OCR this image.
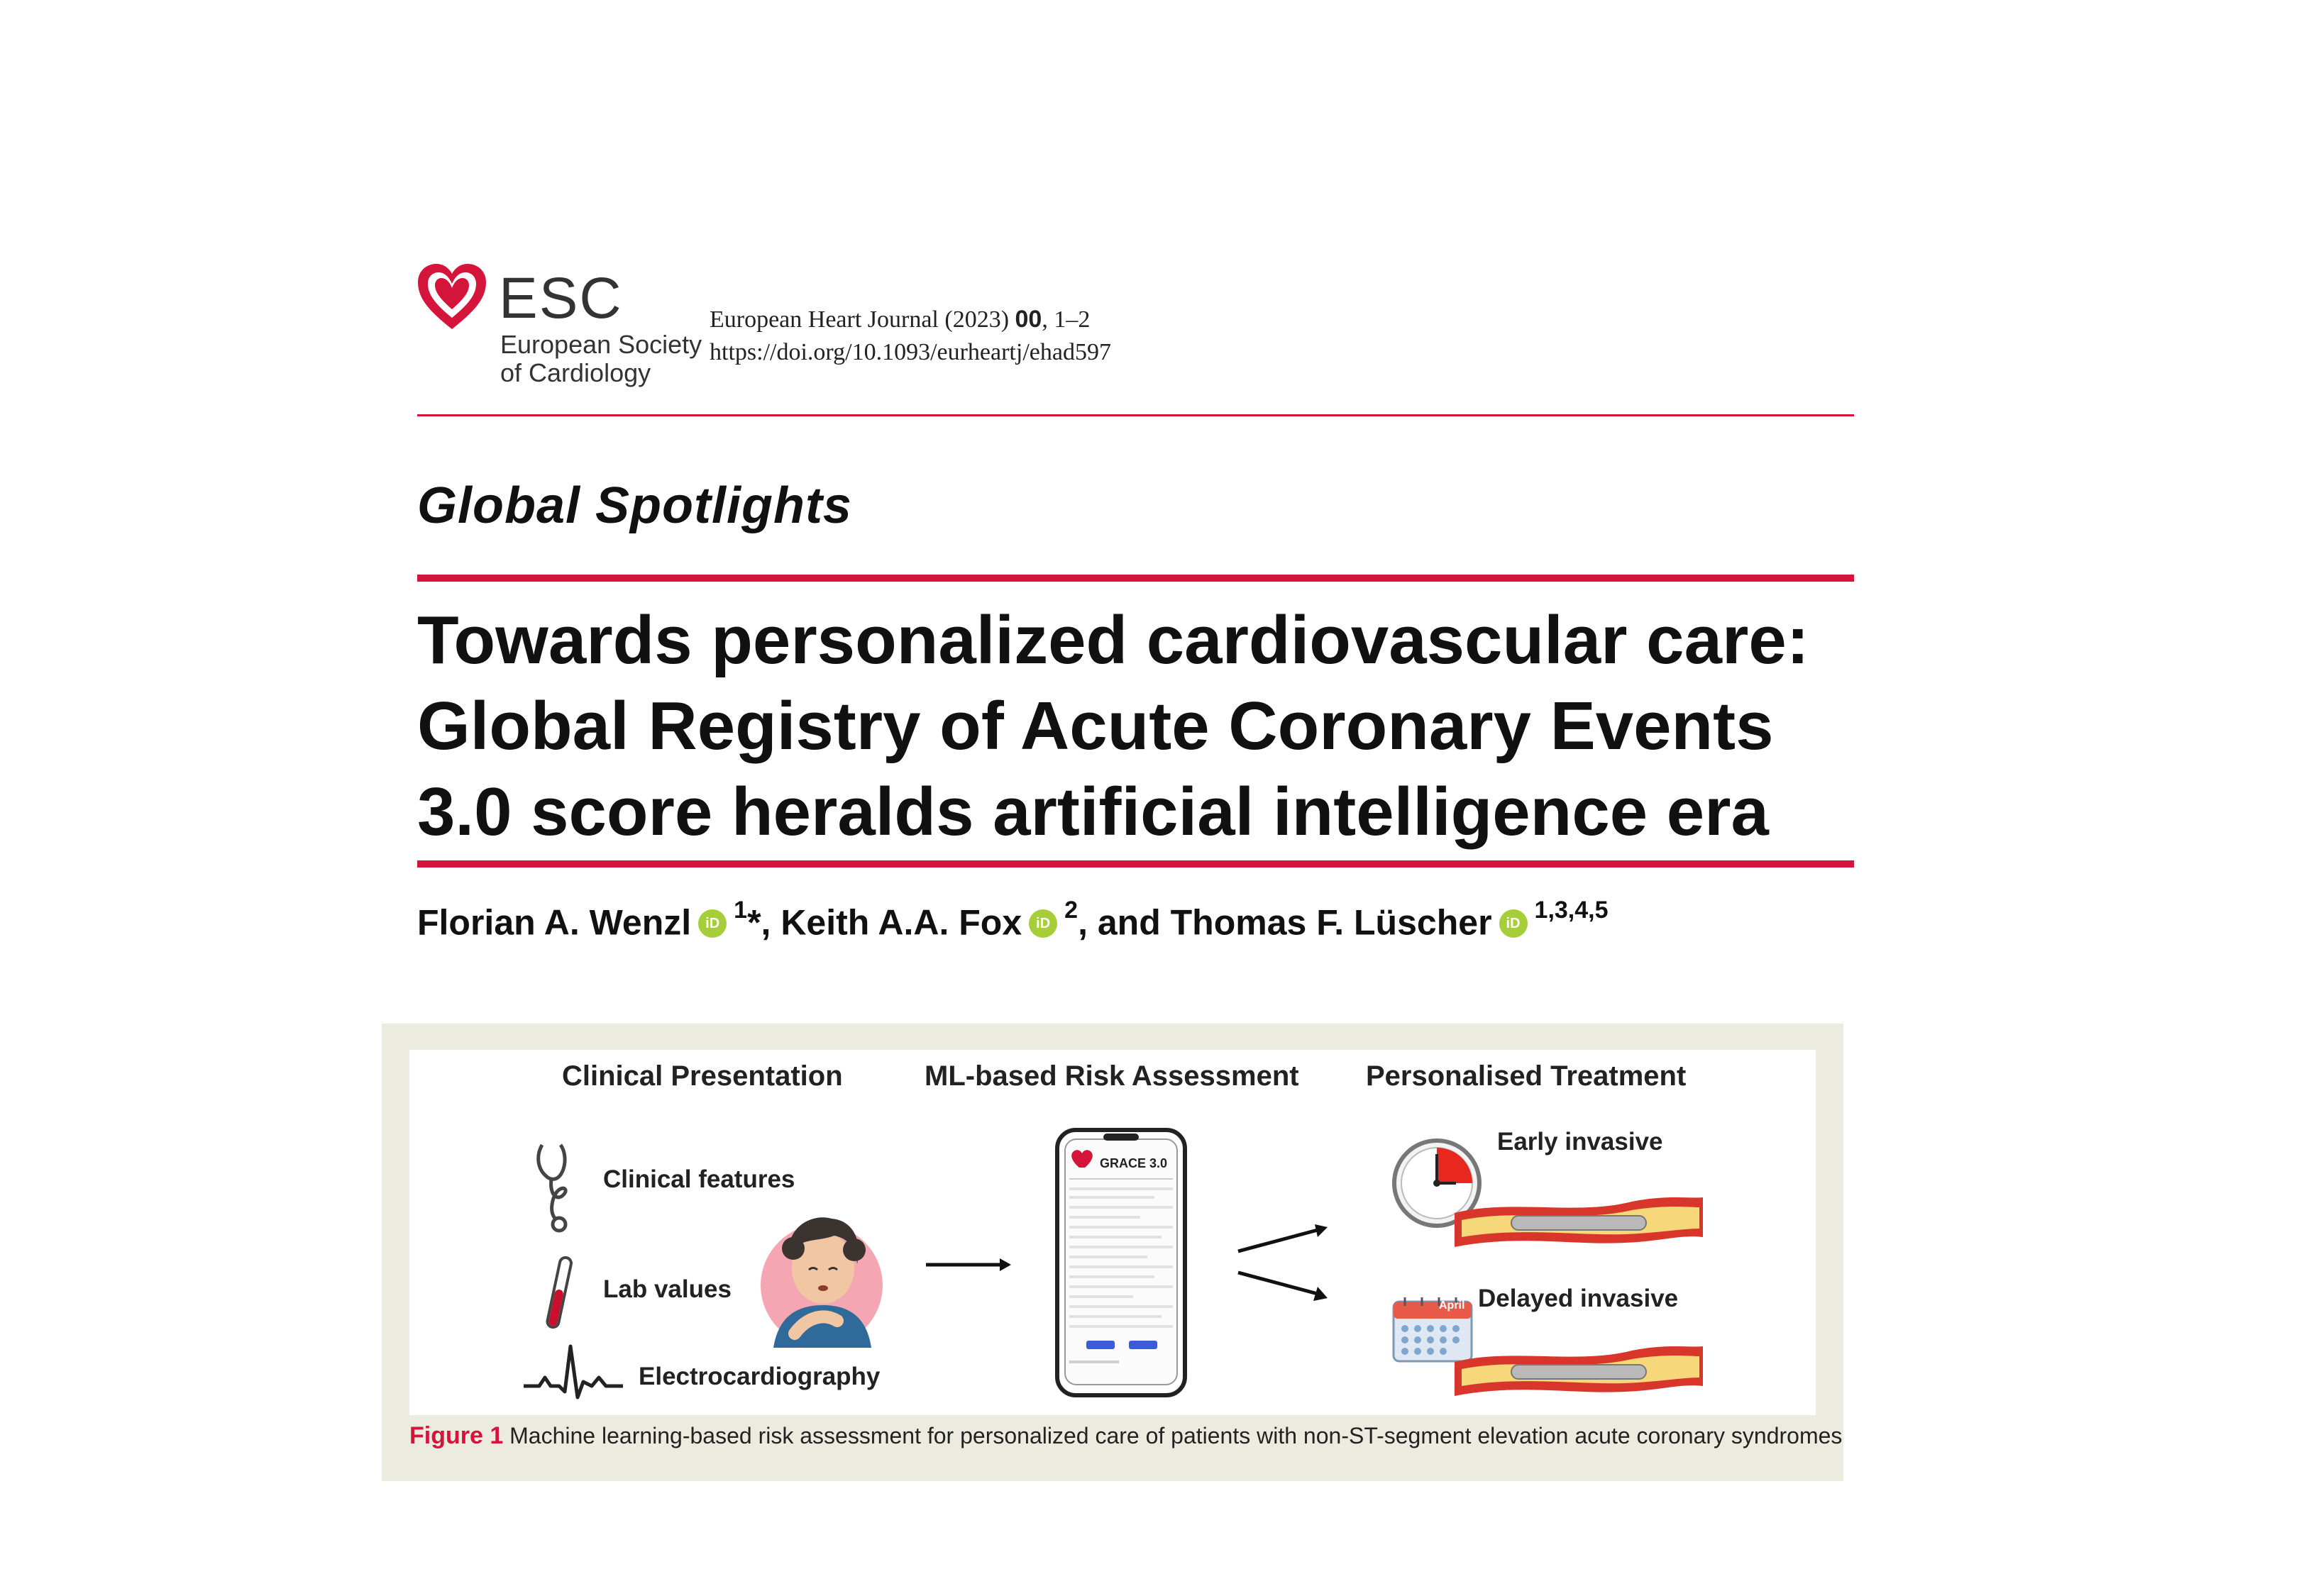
ESC
European Society
of Cardiology
European Heart Journal (2023) 00, 1–2
https://doi.org/10.1093/eurheartj/ehad597
Global Spotlights
Towards personalized cardiovascular care:
Global Registry of Acute Coronary Events
3.0 score heralds artificial intelligence era
Florian A. Wenzl $iD^1*$, Keith A.A. Fox $iD^2$, and Thomas F. Lüscher iD$^{1,3,4,5}$
Clinical Presentation	ML-based Risk Assessment Personalised Treatment
Clinical features
Lab values
Electrocardiography
GRACE 3.0
Early invasive
April Delayed invasive
Figure 1 Machine learning-based risk assessment for personalized care of patients with non-ST-segment elevation acute coronary syndromes
